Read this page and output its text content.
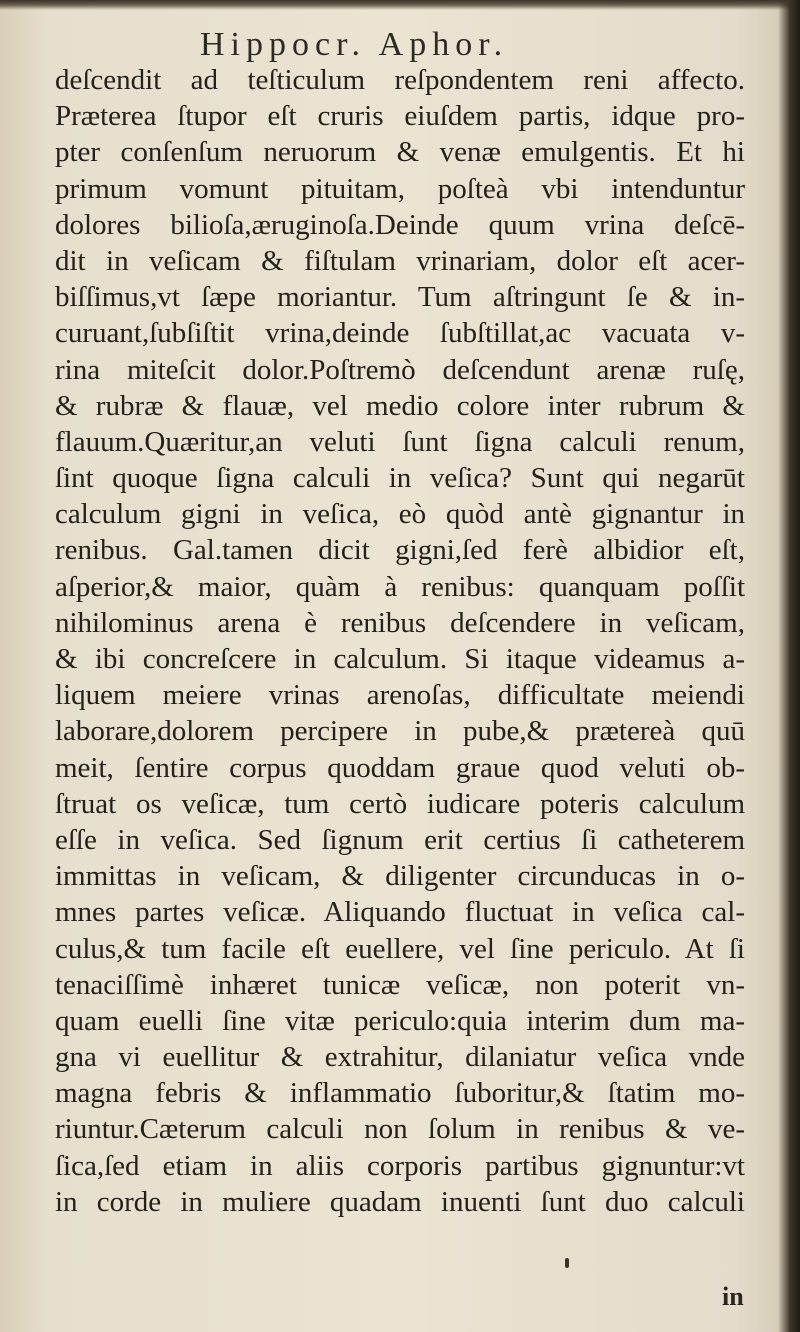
Hippocr. Aphor.
deſcendit ad teſticulum reſpondentem reni affecto.
Præterea ſtupor eſt cruris eiuſdem partis, idque pro-
pter conſenſum neruorum & venæ emulgentis. Et hi
primum vomunt pituitam, poſteà vbi intenduntur
dolores bilioſa,æruginoſa.Deinde quum vrina deſcē-
dit in veſicam & fiſtulam vrinariam, dolor eſt acer-
biſſimus,vt ſæpe moriantur. Tum aſtringunt ſe & in-
curuant,ſubſiſtit vrina,deinde ſubſtillat,ac vacuata v-
rina miteſcit dolor.Poſtremò deſcendunt arenæ ruſę,
& rubræ & flauæ, vel medio colore inter rubrum &
flauum.Quæritur,an veluti ſunt ſigna calculi renum,
ſint quoque ſigna calculi in veſica? Sunt qui negarūt
calculum gigni in veſica, eò quòd antè gignantur in
renibus. Gal.tamen dicit gigni,ſed ferè albidior eſt,
aſperior,& maior, quàm à renibus: quanquam poſſit
nihilominus arena è renibus deſcendere in veſicam,
& ibi concreſcere in calculum. Si itaque videamus a-
liquem meiere vrinas arenoſas, difficultate meiendi
laborare,dolorem percipere in pube,& prætereà quū
meit, ſentire corpus quoddam graue quod veluti ob-
ſtruat os veſicæ, tum certò iudicare poteris calculum
eſſe in veſica. Sed ſignum erit certius ſi catheterem
immittas in veſicam, & diligenter circunducas in o-
mnes partes veſicæ. Aliquando fluctuat in veſica cal-
culus,& tum facile eſt euellere, vel ſine periculo. At ſi
tenaciſſimè inhæret tunicæ veſicæ, non poterit vn-
quam euelli ſine vitæ periculo:quia interim dum ma-
gna vi euellitur & extrahitur, dilaniatur veſica vnde
magna febris & inflammatio ſuboritur,& ſtatim mo-
riuntur.Cæterum calculi non ſolum in renibus & ve-
ſica,ſed etiam in aliis corporis partibus gignuntur:vt
in corde in muliere quadam inuenti ſunt duo calculi
in
